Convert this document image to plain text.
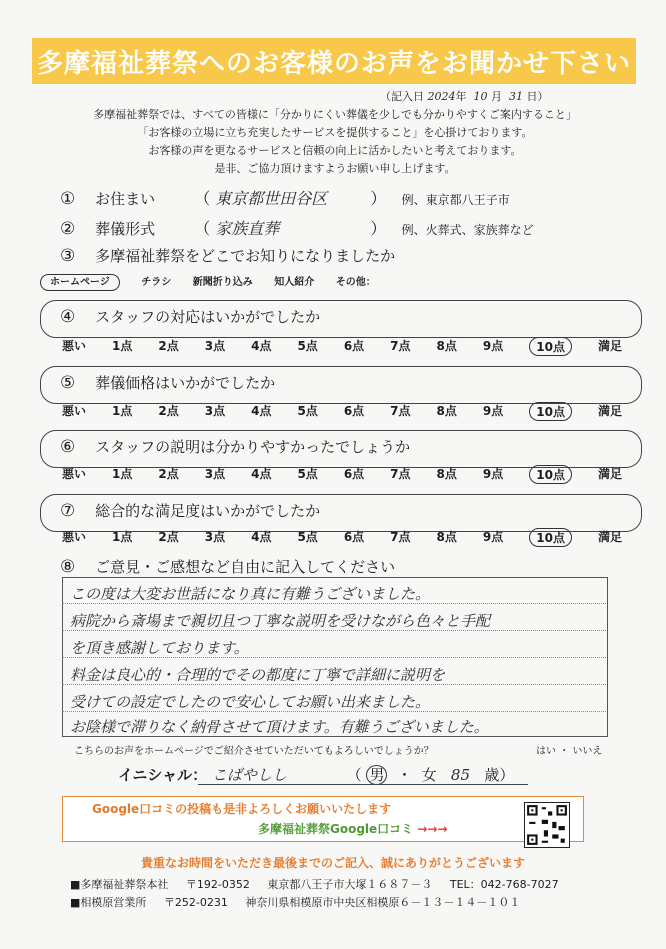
多摩福祉葬祭へのお客様のお声をお聞かせ下さい
（記入日 2024年 10 月 31 日）
多摩福祉葬祭では、すべての皆様に「分かりにくい葬儀を少しでも分かりやすくご案内すること」
「お客様の立場に立ち充実したサービスを提供すること」を心掛けております。
お客様の声を更なるサービスと信頼の向上に活かしたいと考えております。
是非、ご協力頂けますようお願い申し上げます。
① お住まい （ 東京都世田谷区	） 例、東京都八王子市
② 葬儀形式 （ 家族直葬	） 例、火葬式、家族葬など
③ 多摩福祉葬祭をどこでお知りになりましたか
ホームページ	チラシ 新聞折り込み 知人紹介 その他：
④ スタッフの対応はいかがでしたか
悪い 1点 2点 3点 4点 5点 6点 7点 8点 9点	10点	満足
⑤ 葬儀価格はいかがでしたか
悪い 1点 2点 3点 4点 5点 6点 7点 8点 9点	10点	満足
⑥ スタッフの説明は分かりやすかったでしょうか
悪い 1点 2点 3点 4点 5点 6点 7点 8点 9点	10点	満足
⑦ 総合的な満足度はいかがでしたか
悪い 1点 2点 3点 4点 5点 6点 7点 8点 9点	10点	満足
⑧ ご意見・ご感想など自由に記入してください
この度は大変お世話になり真に有難うございました。
病院から斎場まで親切且つ丁寧な説明を受けながら色々と手配
を頂き感謝しております。
料金は良心的・合理的でその都度に丁寧で詳細に説明を
受けての設定でしたので安心してお願い出来ました。
お陰様で滞りなく納骨させて頂けます。有難うございました。
こちらのお声をホームページでご紹介させていただいてもよろしいでしょうか？	はい ・ いいえ
イニシャル： こばやしし	（ 男 ・ 女 85 歳）
Google口コミの投稿も是非よろしくお願いいたします
多摩福祉葬祭Google口コミ →→→
貴重なお時間をいただき最後までのご記入、誠にありがとうございます
■多摩福祉葬祭本社 〒192-0352 東京都八王子市大塚１６８７－３ TEL：042-768-7027
■相模原営業所 〒252-0231 神奈川県相模原市中央区相模原６－１３－１４－１０１
